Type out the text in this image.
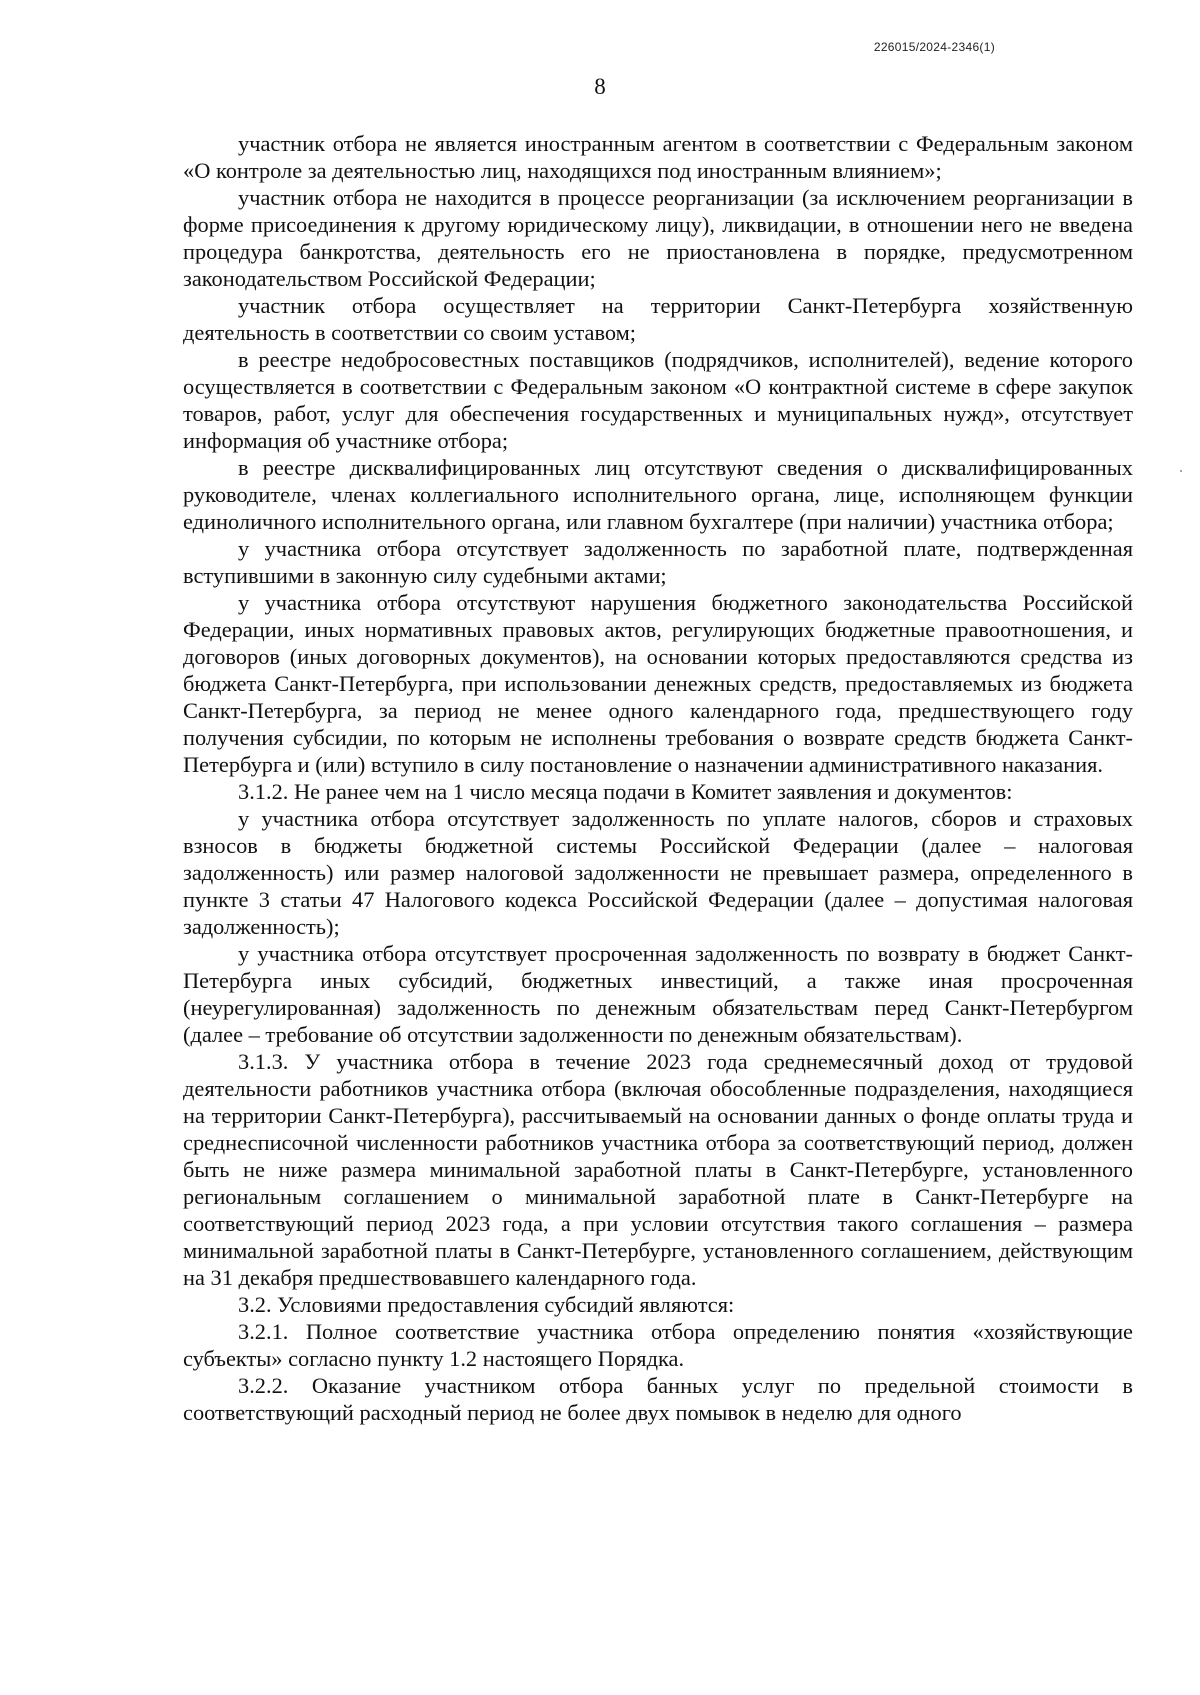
226015/2024-2346(1)
8

участник отбора не является иностранным агентом в соответствии с Федеральным законом «О контроле за деятельностью лиц, находящихся под иностранным влиянием»;

участник отбора не находится в процессе реорганизации (за исключением реорганизации в форме присоединения к другому юридическому лицу), ликвидации, в отношении него не введена процедура банкротства, деятельность его не приостановлена в порядке, предусмотренном законодательством Российской Федерации;

участник отбора осуществляет на территории Санкт-Петербурга хозяйственную деятельность в соответствии со своим уставом;

в реестре недобросовестных поставщиков (подрядчиков, исполнителей), ведение которого осуществляется в соответствии с Федеральным законом «О контрактной системе в сфере закупок товаров, работ, услуг для обеспечения государственных и муниципальных нужд», отсутствует информация об участнике отбора;

в реестре дисквалифицированных лиц отсутствуют сведения о дисквалифицированных руководителе, членах коллегиального исполнительного органа, лице, исполняющем функции единоличного исполнительного органа, или главном бухгалтере (при наличии) участника отбора;

у участника отбора отсутствует задолженность по заработной плате, подтвержденная вступившими в законную силу судебными актами;

у участника отбора отсутствуют нарушения бюджетного законодательства Российской Федерации, иных нормативных правовых актов, регулирующих бюджетные правоотношения, и договоров (иных договорных документов), на основании которых предоставляются средства из бюджета Санкт-Петербурга, при использовании денежных средств, предоставляемых из бюджета Санкт-Петербурга, за период не менее одного календарного года, предшествующего году получения субсидии, по которым не исполнены требования о возврате средств бюджета Санкт-Петербурга и (или) вступило в силу постановление о назначении административного наказания.

3.1.2. Не ранее чем на 1 число месяца подачи в Комитет заявления и документов:

у участника отбора отсутствует задолженность по уплате налогов, сборов и страховых взносов в бюджеты бюджетной системы Российской Федерации (далее – налоговая задолженность) или размер налоговой задолженности не превышает размера, определенного в пункте 3 статьи 47 Налогового кодекса Российской Федерации (далее – допустимая налоговая задолженность);

у участника отбора отсутствует просроченная задолженность по возврату в бюджет Санкт-Петербурга иных субсидий, бюджетных инвестиций, а также иная просроченная (неурегулированная) задолженность по денежным обязательствам перед Санкт-Петербургом (далее – требование об отсутствии задолженности по денежным обязательствам).

3.1.3. У участника отбора в течение 2023 года среднемесячный доход от трудовой деятельности работников участника отбора (включая обособленные подразделения, находящиеся на территории Санкт-Петербурга), рассчитываемый на основании данных о фонде оплаты труда и среднесписочной численности работников участника отбора за соответствующий период, должен быть не ниже размера минимальной заработной платы в Санкт-Петербурге, установленного региональным соглашением о минимальной заработной плате в Санкт-Петербурге на соответствующий период 2023 года, а при условии отсутствия такого соглашения – размера минимальной заработной платы в Санкт-Петербурге, установленного соглашением, действующим на 31 декабря предшествовавшего календарного года.

3.2. Условиями предоставления субсидий являются:

3.2.1. Полное соответствие участника отбора определению понятия «хозяйствующие субъекты» согласно пункту 1.2 настоящего Порядка.

3.2.2. Оказание участником отбора банных услуг по предельной стоимости в соответствующий расходный период не более двух помывок в неделю для одного
